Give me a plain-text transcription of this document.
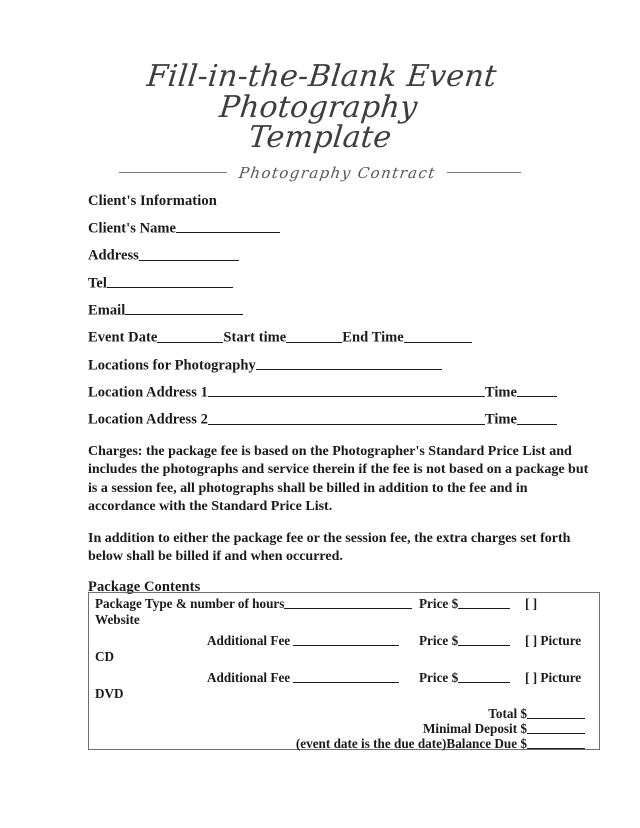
Fill-in-the-Blank Event Photography
Template
Photography Contract
Client's Information
Client's Name
Address
Tel
Email
Event Date	Start time	End Time
Locations for Photography
Location Address 1	Time
Location Address 2	Time

Charges: the package fee is based on the Photographer's Standard Price List and includes the photographs and service therein if the fee is not based on a package but is a session fee, all photographs shall be billed in addition to the fee and in accordance with the Standard Price List.

In addition to either the package fee or the session fee, the extra charges set forth below shall be billed if and when occurred.

Package Contents
Package Type & number of hours	Price $	[ ]
Website
Additional Fee	Price $	[ ] Picture
CD
Additional Fee	Price $	[ ] Picture
DVD
Total $
Minimal Deposit $
(event date is the due date)Balance Due $
